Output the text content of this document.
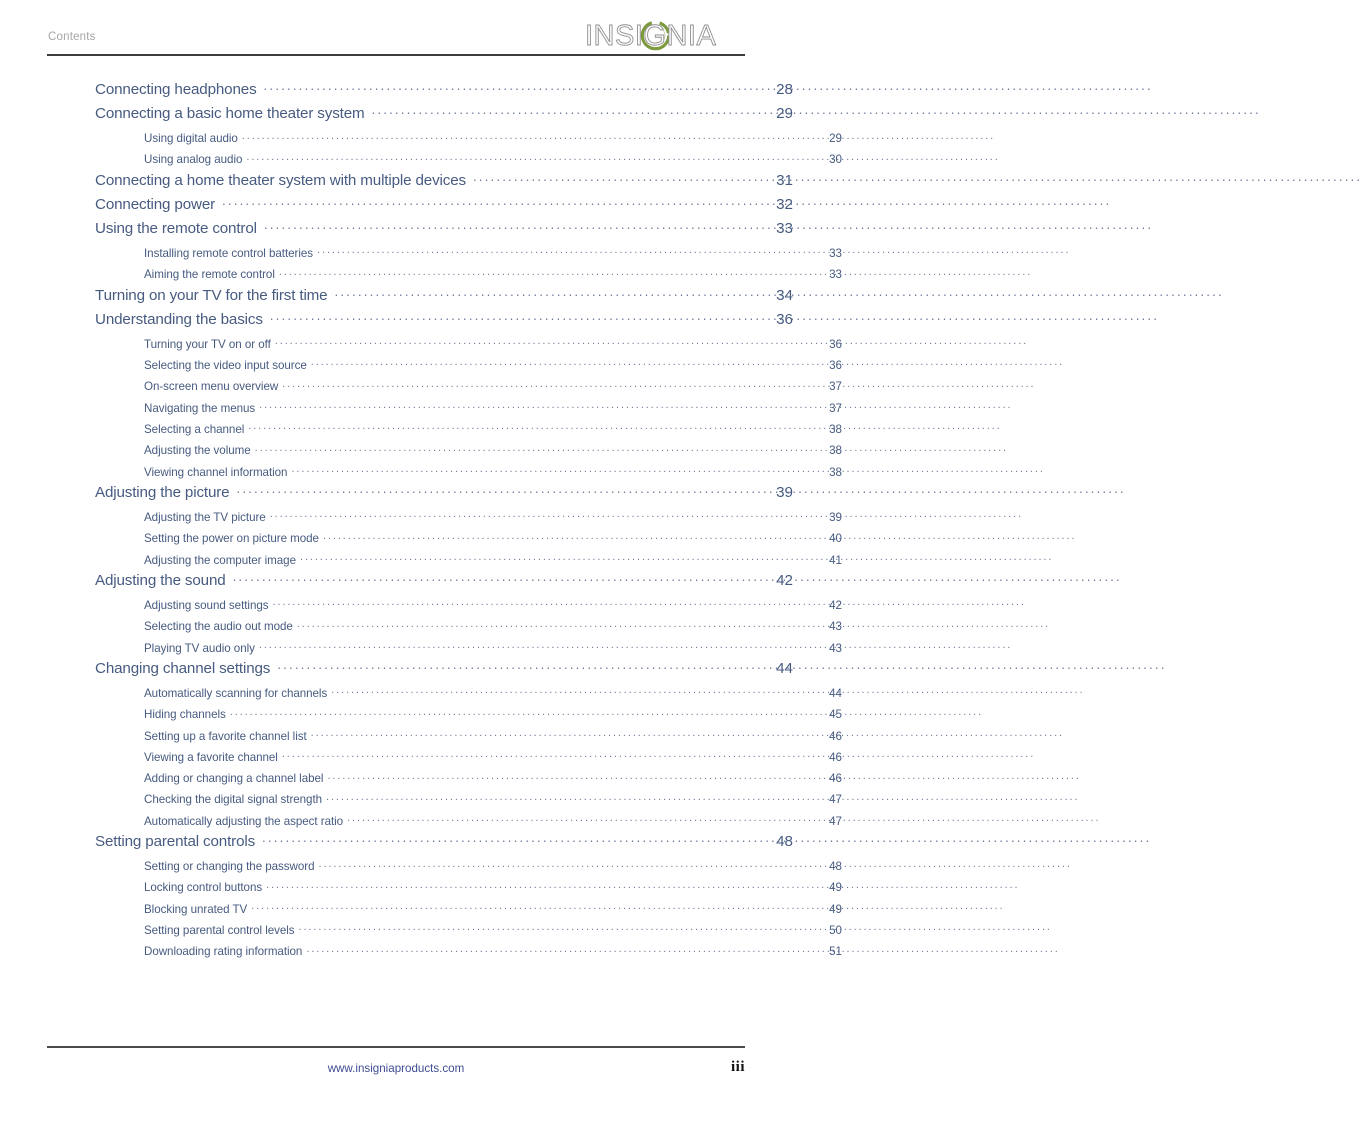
Contents	INSIGNIA
Connecting headphones .....	28
Connecting a basic home theater system .....	29
Using digital audio .....	29
Using analog audio .....	30
Connecting a home theater system with multiple devices .....	31
Connecting power .....	32
Using the remote control .....	33
Installing remote control batteries .....	33
Aiming the remote control .....	33
Turning on your TV for the first time .....	34
Understanding the basics .....	36
Turning your TV on or off .....	36
Selecting the video input source .....	36
On-screen menu overview .....	37
Navigating the menus .....	37
Selecting a channel .....	38
Adjusting the volume .....	38
Viewing channel information .....	38
Adjusting the picture .....	39
Adjusting the TV picture .....	39
Setting the power on picture mode .....	40
Adjusting the computer image .....	41
Adjusting the sound .....	42
Adjusting sound settings .....	42
Selecting the audio out mode .....	43
Playing TV audio only .....	43
Changing channel settings .....	44
Automatically scanning for channels .....	44
Hiding channels .....	45
Setting up a favorite channel list .....	46
Viewing a favorite channel .....	46
Adding or changing a channel label .....	46
Checking the digital signal strength .....	47
Automatically adjusting the aspect ratio .....	47
Setting parental controls .....	48
Setting or changing the password .....	48
Locking control buttons .....	49
Blocking unrated TV .....	49
Setting parental control levels .....	50
Downloading rating information .....	51
www.insigniaproducts.com	iii
